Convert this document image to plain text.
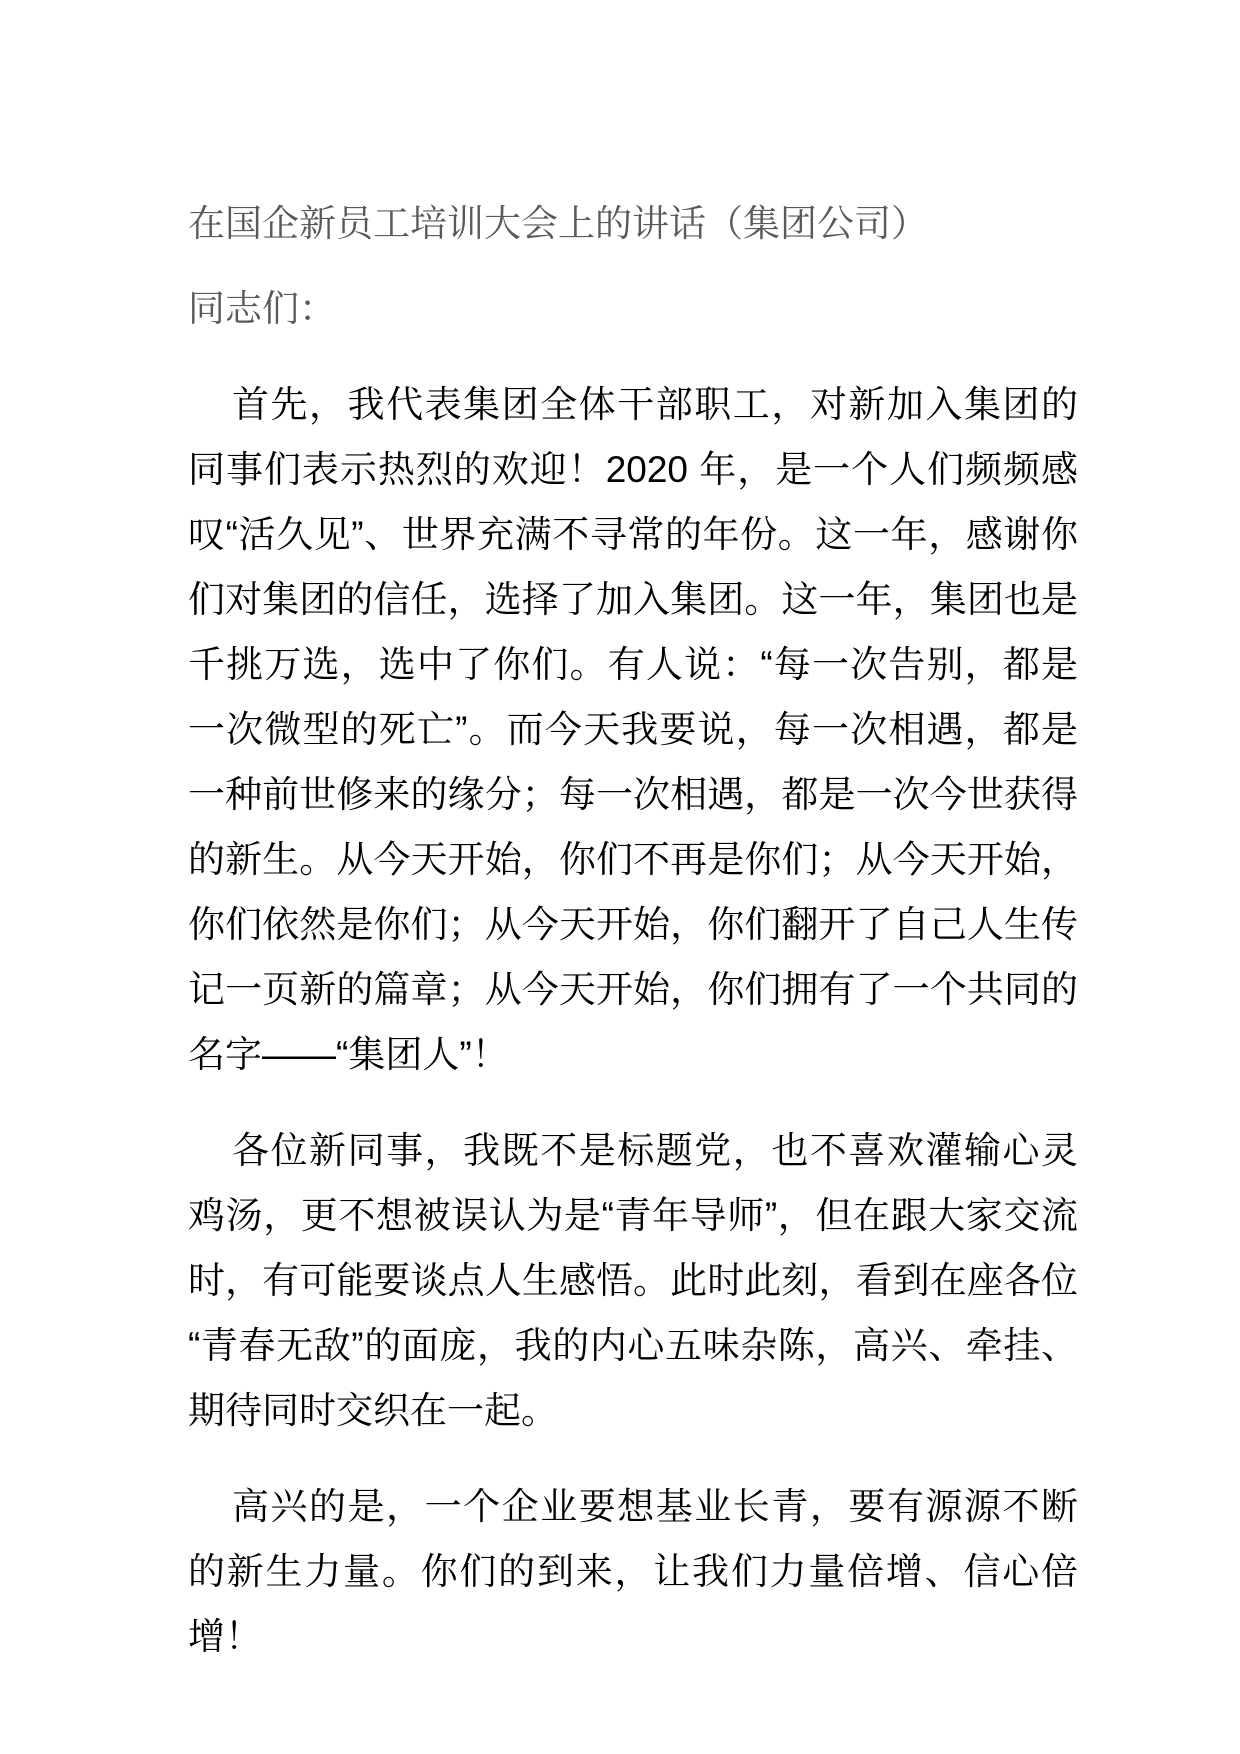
在国企新员工培训大会上的讲话（集团公司）

同志们：

首先，我代表集团全体干部职工，对新加入集团的同事们表示热烈的欢迎！2020 年，是一个人们频频感叹“活久见”、世界充满不寻常的年份。这一年，感谢你们对集团的信任，选择了加入集团。这一年，集团也是千挑万选，选中了你们。有人说：“每一次告别，都是一次微型的死亡”。而今天我要说，每一次相遇，都是一种前世修来的缘分；每一次相遇，都是一次今世获得的新生。从今天开始，你们不再是你们；从今天开始，你们依然是你们；从今天开始，你们翻开了自己人生传记一页新的篇章；从今天开始，你们拥有了一个共同的名字——“集团人”！

各位新同事，我既不是标题党，也不喜欢灌输心灵鸡汤，更不想被误认为是“青年导师”，但在跟大家交流时，有可能要谈点人生感悟。此时此刻，看到在座各位“青春无敌”的面庞，我的内心五味杂陈，高兴、牵挂、期待同时交织在一起。

高兴的是，一个企业要想基业长青，要有源源不断的新生力量。你们的到来，让我们力量倍增、信心倍增！
